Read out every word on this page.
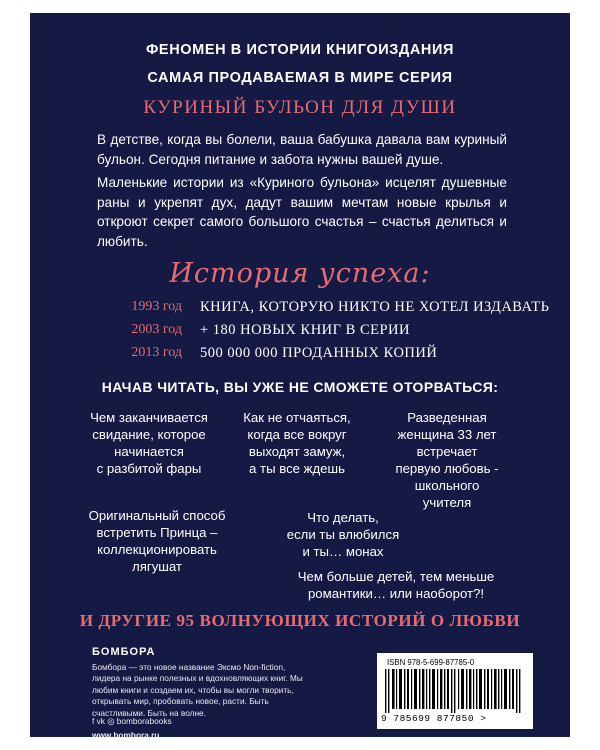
ФЕНОМЕН В ИСТОРИИ КНИГОИЗДАНИЯ
САМАЯ ПРОДАВАЕМАЯ В МИРЕ СЕРИЯ
КУРИНЫЙ БУЛЬОН ДЛЯ ДУШИ
В детстве, когда вы болели, ваша бабушка давала вам куриный бульон. Сегодня питание и забота нужны вашей душе.
Маленькие истории из «Куриного бульона» исцелят душевные раны и укрепят дух, дадут вашим мечтам новые крылья и откроют секрет самого большого счастья – счастья делиться и любить.
История успеха:
1993 год КНИГА, КОТОРУЮ НИКТО НЕ ХОТЕЛ ИЗДАВАТЬ
2003 год + 180 НОВЫХ КНИГ В СЕРИИ
2013 год 500 000 000 ПРОДАННЫХ КОПИЙ
НАЧАВ ЧИТАТЬ, ВЫ УЖЕ НЕ СМОЖЕТЕ ОТОРВАТЬСЯ:
Чем заканчивается
свидание, которое
начинается
с разбитой фары
Как не отчаяться,
когда все вокруг
выходят замуж,
а ты все ждешь
Разведенная
женщина 33 лет
встречает
первую любовь -
школьного
учителя
Оригинальный способ
встретить Принца –
коллекционировать
лягушат
Что делать,
если ты влюбился
и ты… монах
Чем больше детей, тем меньше
романтики… или наоборот?!
И ДРУГИЕ 95 ВОЛНУЮЩИХ ИСТОРИЙ О ЛЮБВИ
БОМБОРА
Бомбора — это новое название Эксмо Non-fiction, лидера на рынке полезных и вдохновляющих книг. Мы любим книги и создаем их, чтобы вы могли творить, открывать мир, пробовать новое, расти. Быть счастливыми. Быть на волне.
f vk ◎ bomborabooks
www.bombora.ru
ISBN 978-5-699-87785-0
9 785699 877850 >
